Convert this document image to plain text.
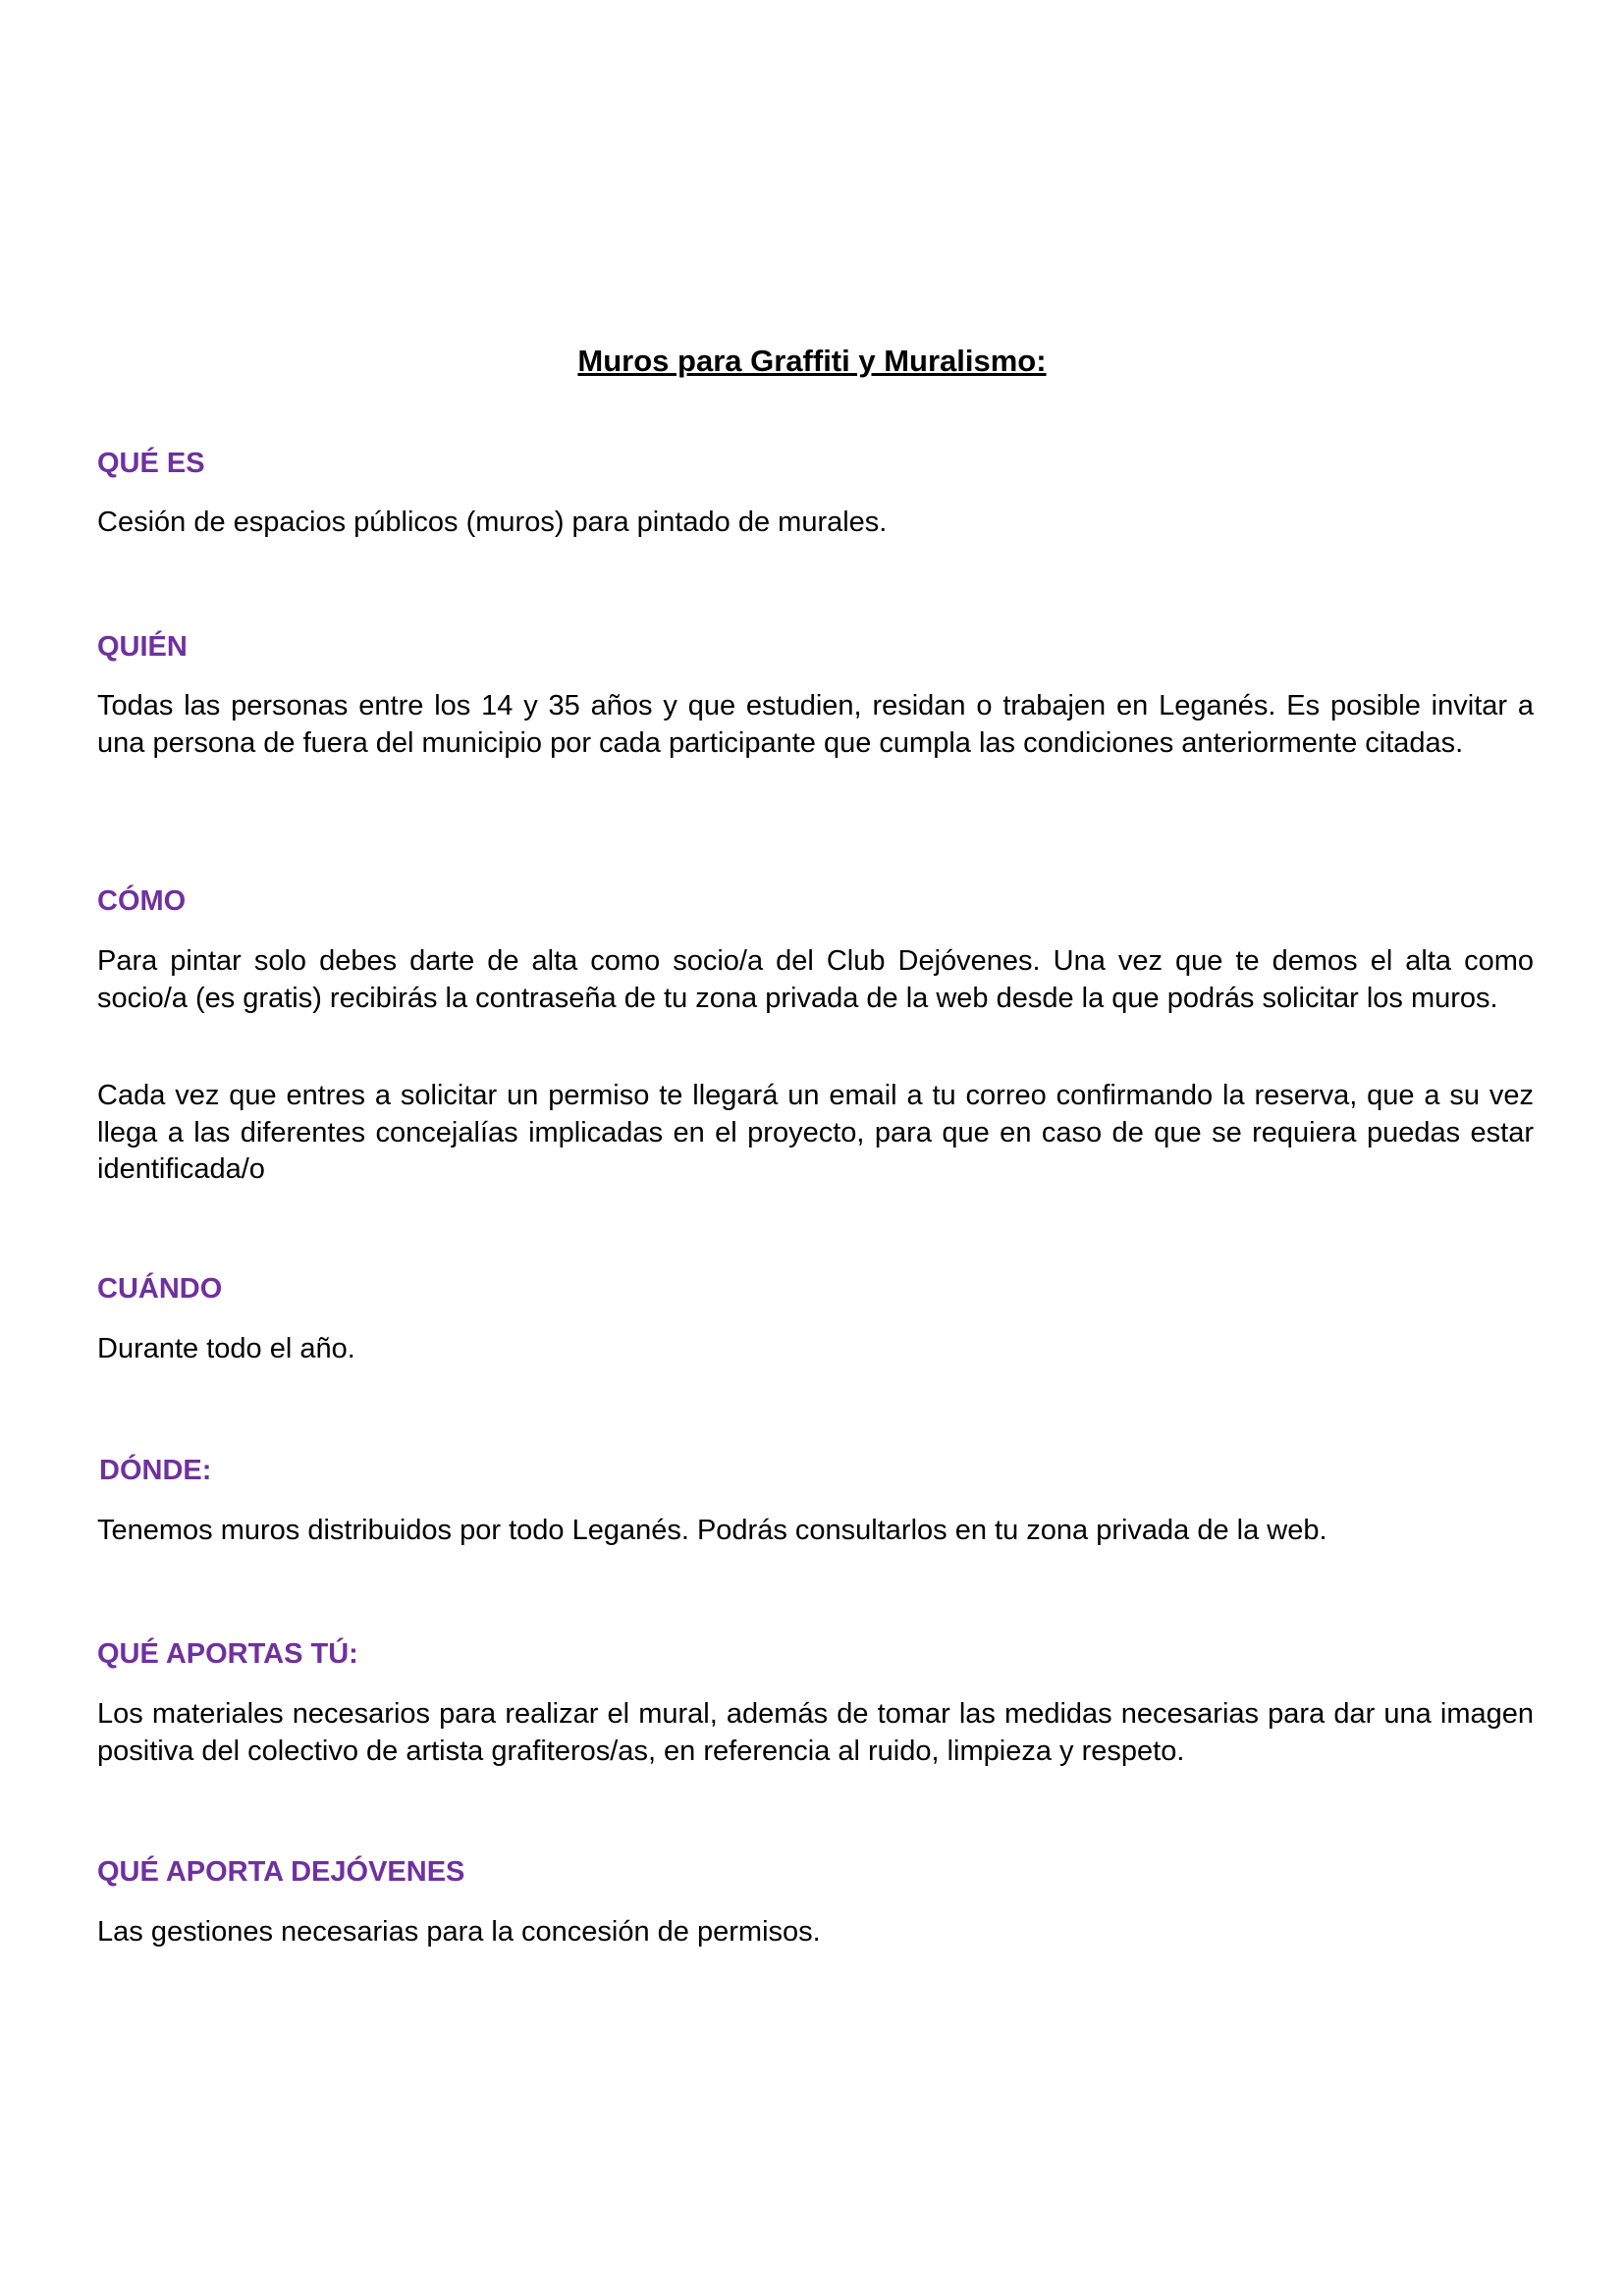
Muros para Graffiti y Muralismo:
QUÉ ES

Cesión de espacios públicos (muros) para pintado de murales.

QUIÉN

Todas las personas entre los 14 y 35 años y que estudien, residan o trabajen en Leganés. Es posible invitar a una persona de fuera del municipio por cada participante que cumpla las condiciones anteriormente citadas.

CÓMO

Para pintar solo debes darte de alta como socio/a del Club Dejóvenes. Una vez que te demos el alta como socio/a (es gratis) recibirás la contraseña de tu zona privada de la web desde la que podrás solicitar los muros.

Cada vez que entres a solicitar un permiso te llegará un email a tu correo confirmando la reserva, que a su vez llega a las diferentes concejalías implicadas en el proyecto, para que en caso de que se requiera puedas estar identificada/o

CUÁNDO

Durante todo el año.

DÓNDE:

Tenemos muros distribuidos por todo Leganés. Podrás consultarlos en tu zona privada de la web.

QUÉ APORTAS TÚ:

Los materiales necesarios para realizar el mural, además de tomar las medidas necesarias para dar una imagen positiva del colectivo de artista grafiteros/as, en referencia al ruido, limpieza y respeto.

QUÉ APORTA DEJÓVENES

Las gestiones necesarias para la concesión de permisos.
